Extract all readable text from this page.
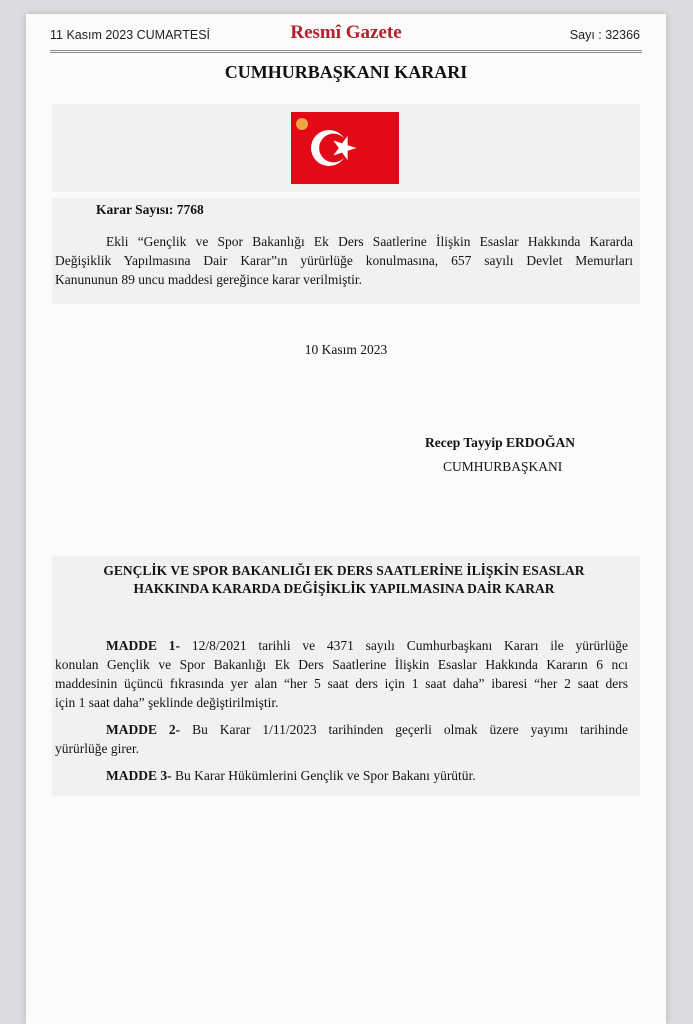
11 Kasım 2023 CUMARTESİ	Resmî Gazete	Sayı : 32366
CUMHURBAŞKANI KARARI
Karar Sayısı: 7768
Ekli “Gençlik ve Spor Bakanlığı Ek Ders Saatlerine İlişkin Esaslar Hakkında Kararda
Değişiklik Yapılmasına Dair Karar”ın yürürlüğe konulmasına, 657 sayılı Devlet Memurları
Kanununun 89 uncu maddesi gereğince karar verilmiştir.
10 Kasım 2023
Recep Tayyip ERDOĞAN
CUMHURBAŞKANI
GENÇLİK VE SPOR BAKANLIĞI EK DERS SAATLERİNE İLİŞKİN ESASLAR
HAKKINDA KARARDA DEĞİŞİKLİK YAPILMASINA DAİR KARAR
MADDE 1- 12/8/2021 tarihli ve 4371 sayılı Cumhurbaşkanı Kararı ile yürürlüğe
konulan Gençlik ve Spor Bakanlığı Ek Ders Saatlerine İlişkin Esaslar Hakkında Kararın 6 ncı
maddesinin üçüncü fıkrasında yer alan “her 5 saat ders için 1 saat daha” ibaresi “her 2 saat ders
için 1 saat daha” şeklinde değiştirilmiştir.
MADDE 2- Bu Karar 1/11/2023 tarihinden geçerli olmak üzere yayımı tarihinde
yürürlüğe girer.
MADDE 3- Bu Karar Hükümlerini Gençlik ve Spor Bakanı yürütür.
